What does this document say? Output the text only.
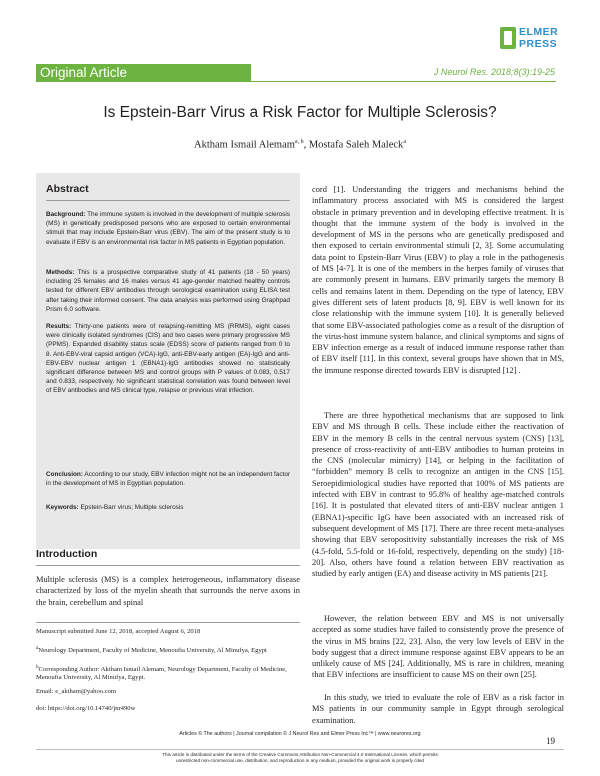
ELMER
PRESS
Original Article	J Neurol Res. 2018;8(3):19-25
Is Epstein-Barr Virus a Risk Factor for Multiple Sclerosis?
Aktham Ismail Alemam$^{a, b}$, Mostafa Saleh Maleck$^a$
Abstract
Background: The immune system is involved in the development of multiple sclerosis (MS) in genetically predisposed persons who are exposed to certain environmental stimuli that may include Epstein-Barr virus (EBV). The aim of the present study is to evaluate if EBV is an environmental risk factor in MS patients in Egyptian population.
Methods: This is a prospective comparative study of 41 patients (18 - 50 years) including 25 females and 16 males versus 41 age-gender matched healthy controls tested for different EBV antibodies through serological examination using ELISA test after taking their informed consent. The data analysis was performed using Graphpad Prism 6.0 software.
Results: Thirty-one patients were of relapsing-remitting MS (RRMS), eight cases were clinically isolated syndromes (CIS) and two cases were primary progressive MS (PPMS). Expanded disability status scale (EDSS) score of patients ranged from 0 to 8. Anti-EBV-viral capsid antigen (VCA)-IgG, anti-EBV-early antigen (EA)-IgG and anti-EBV-EBV nuclear antigen 1 (EBNA1)-IgG antibodies showed no statistically significant difference between MS and control groups with P values of 0.083, 0.517 and 0.833, respectively. No significant statistical correlation was found between level of EBV antibodies and MS clinical type, relapse or previous viral infection.
Conclusion: According to our study, EBV infection might not be an independent factor in the development of MS in Egyptian population.
Keywords: Epstein-Barr virus; Multiple sclerosis
Introduction
Multiple sclerosis (MS) is a complex heterogeneous, inflammatory disease characterized by loss of the myelin sheath that surrounds the nerve axons in the brain, cerebellum and spinal
Manuscript submitted June 12, 2018, accepted August 6, 2018
$^a$Neurology Department, Faculty of Medicine, Menoufia University, Al Minufya, Egypt
$^b$Corresponding Author: Aktham Ismail Alemam, Neurology Department, Faculty of Medicine, Menoufia University, Al Minufya, Egypt.
Email: e_aktham@yahoo.com
doi: https://doi.org/10.14740/jnr490w
cord [1]. Understanding the triggers and mechanisms behind the inflammatory process associated with MS is considered the largest obstacle in primary prevention and in developing effective treatment. It is thought that the immune system of the body is involved in the development of MS in the persons who are genetically predisposed and then exposed to certain environmental stimuli [2, 3]. Some accumulating data point to Epstein-Barr Virus (EBV) to play a role in the pathogenesis of MS [4-7]. It is one of the members in the herpes family of viruses that are commonly present in humans. EBV primarily targets the memory B cells and remains latent in them. Depending on the type of latency, EBV gives different sets of latent products [8, 9]. EBV is well known for its close relationship with the immune system [10]. It is generally believed that some EBV-associated pathologies come as a result of the disruption of the virus-host immune system balance, and clinical symptoms and signs of EBV infection emerge as a result of induced immune response rather than of EBV itself [11]. In this context, several groups have shown that in MS, the immune response directed towards EBV is disrupted [12] .
There are three hypothetical mechanisms that are supposed to link EBV and MS through B cells. These include either the reactivation of EBV in the memory B cells in the central nervous system (CNS) [13], presence of cross-reactivity of anti-EBV antibodies to human proteins in the CNS (molecular mimicry) [14], or helping in the facilitation of “forbidden” memory B cells to recognize an antigen in the CNS [15]. Seroepidimiological studies have reported that 100% of MS patients are infected with EBV in contrast to 95.8% of healthy age-matched controls [16]. It is postulated that elevated titers of anti-EBV nuclear antigen 1 (EBNA1)-specific IgG have been associated with an increased risk of subsequent development of MS [17]. There are three recent meta-analyses showing that EBV seropositivity substantially increases the risk of MS (4.5-fold, 5.5-fold or 16-fold, respectively, depending on the study) [18-20]. Also, others have found a relation between EBV reactivation as studied by early antigen (EA) and disease activity in MS patients [21].
However, the relation between EBV and MS is not universally accepted as some studies have failed to consistently prove the presence of the virus in MS brains [22, 23]. Also, the very low levels of EBV in the body suggest that a direct immune response against EBV appears to be an unlikely cause of MS [24]. Additionally, MS is rare in children, meaning that EBV infections are insufficient to cause MS on their own [25].
In this study, we tried to evaluate the role of EBV as a risk factor in MS patients in our community sample in Egypt through serological examination.
Articles © The authors | Journal compilation © J Neurol Res and Elmer Press Inc™ | www.neurores.org
This article is distributed under the terms of the Creative Commons Attribution Non-Commercial 4.0 International License, which permits
unrestricted non-commercial use, distribution, and reproduction in any medium, provided the original work is properly cited
19
